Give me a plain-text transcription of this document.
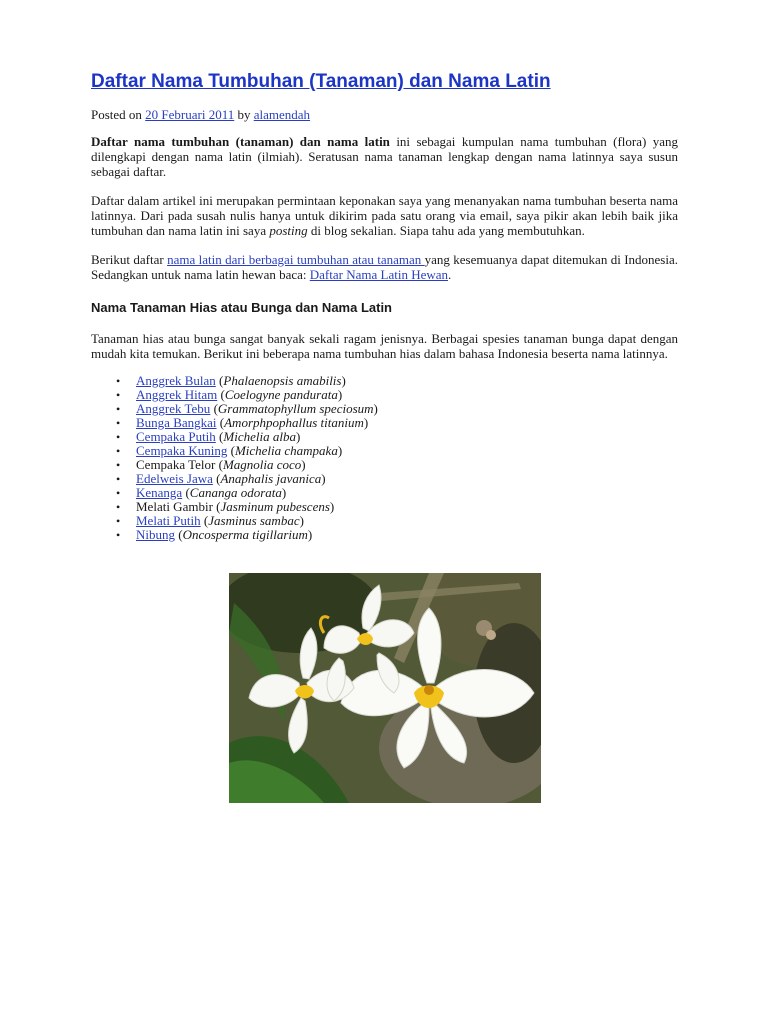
Daftar Nama Tumbuhan (Tanaman) dan Nama Latin
Posted on 20 Februari 2011 by alamendah

Daftar nama tumbuhan (tanaman) dan nama latin ini sebagai kumpulan nama tumbuhan (flora) yang dilengkapi dengan nama latin (ilmiah). Seratusan nama tanaman lengkap dengan nama latinnya saya susun sebagai daftar.

Daftar dalam artikel ini merupakan permintaan keponakan saya yang menanyakan nama tumbuhan beserta nama latinnya. Dari pada susah nulis hanya untuk dikirim pada satu orang via email, saya pikir akan lebih baik jika tumbuhan dan nama latin ini saya posting di blog sekalian. Siapa tahu ada yang membutuhkan.

Berikut daftar nama latin dari berbagai tumbuhan atau tanaman yang kesemuanya dapat ditemukan di Indonesia. Sedangkan untuk nama latin hewan baca: Daftar Nama Latin Hewan.

Nama Tanaman Hias atau Bunga dan Nama Latin

Tanaman hias atau bunga sangat banyak sekali ragam jenisnya. Berbagai spesies tanaman bunga dapat dengan mudah kita temukan. Berikut ini beberapa nama tumbuhan hias dalam bahasa Indonesia beserta nama latinnya.

• Anggrek Bulan (Phalaenopsis amabilis)
• Anggrek Hitam (Coelogyne pandurata)
• Anggrek Tebu (Grammatophyllum speciosum)
• Bunga Bangkai (Amorphpophallus titanium)
• Cempaka Putih (Michelia alba)
• Cempaka Kuning (Michelia champaka)
• Cempaka Telor (Magnolia coco)
• Edelweis Jawa (Anaphalis javanica)
• Kenanga (Cananga odorata)
• Melati Gambir (Jasminum pubescens)
• Melati Putih (Jasminus sambac)
• Nibung (Oncosperma tigillarium)
